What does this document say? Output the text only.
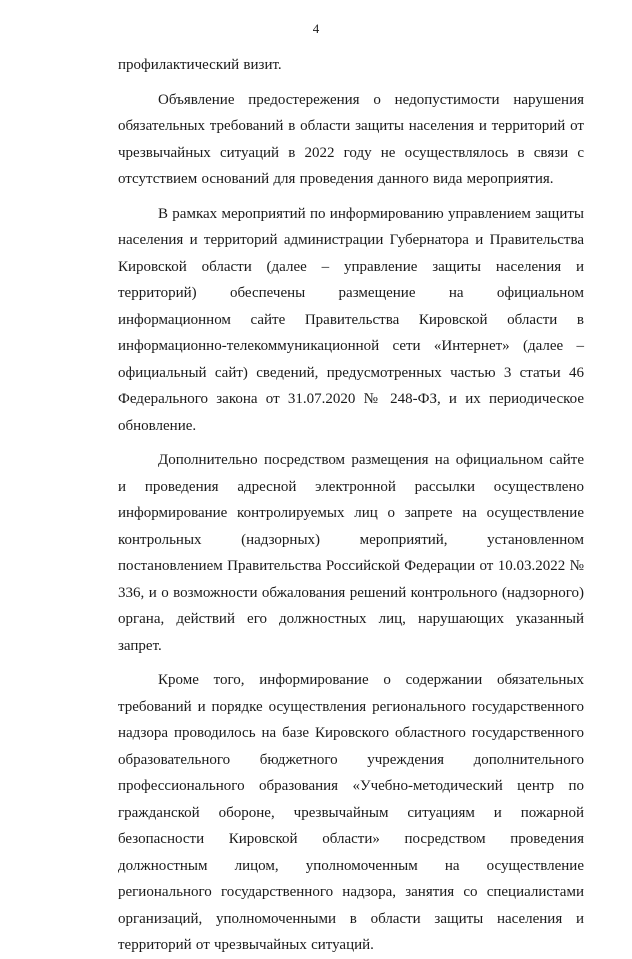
4

профилактический визит.

Объявление предостережения о недопустимости нарушения обязательных требований в области защиты населения и территорий от чрезвычайных ситуаций в 2022 году не осуществлялось в связи с отсутствием оснований для проведения данного вида мероприятия.

В рамках мероприятий по информированию управлением защиты населения и территорий администрации Губернатора и Правительства Кировской области (далее – управление защиты населения и территорий) обеспечены размещение на официальном информационном сайте Правительства Кировской области в информационно-телекоммуникационной сети «Интернет» (далее – официальный сайт) сведений, предусмотренных частью 3 статьи 46 Федерального закона от 31.07.2020 № 248-ФЗ, и их периодическое обновление.

Дополнительно посредством размещения на официальном сайте и проведения адресной электронной рассылки осуществлено информирование контролируемых лиц о запрете на осуществление контрольных (надзорных) мероприятий, установленном постановлением Правительства Российской Федерации от 10.03.2022 № 336, и о возможности обжалования решений контрольного (надзорного) органа, действий его должностных лиц, нарушающих указанный запрет.

Кроме того, информирование о содержании обязательных требований и порядке осуществления регионального государственного надзора проводилось на базе Кировского областного государственного образовательного бюджетного учреждения дополнительного профессионального образования «Учебно-методический центр по гражданской обороне, чрезвычайным ситуациям и пожарной безопасности Кировской области» посредством проведения должностным лицом, уполномоченным на осуществление регионального государственного надзора, занятия со специалистами организаций, уполномоченными в области защиты населения и территорий от чрезвычайных ситуаций.
